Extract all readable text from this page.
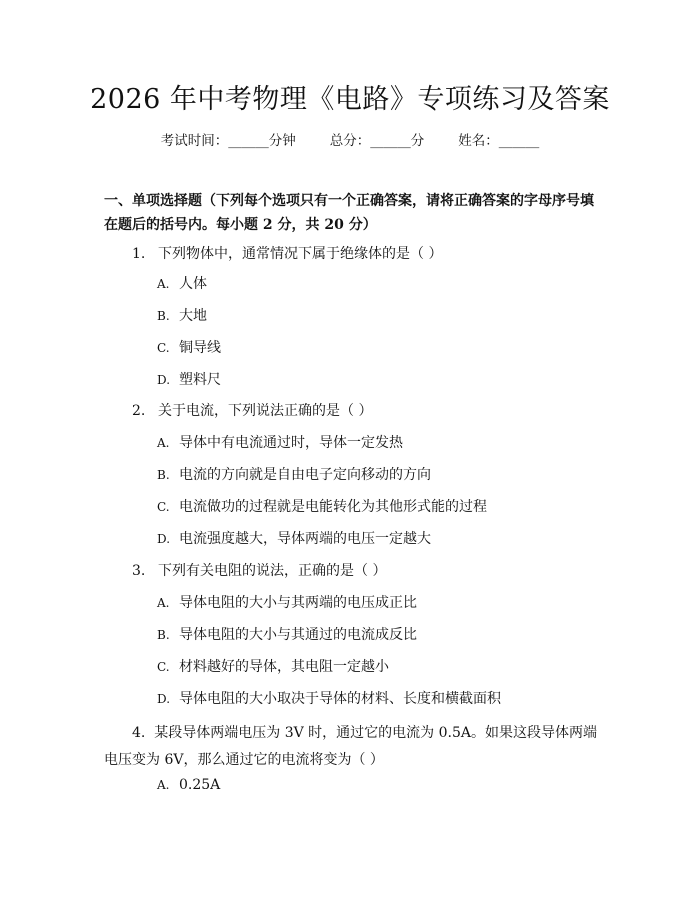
2026 年中考物理《电路》专项练习及答案
考试时间：______分钟	总分：______分	姓名：______
一、单项选择题（下列每个选项只有一个正确答案，请将正确答案的字母序号填在题后的括号内。每小题 2 分，共 20 分）
1. 下列物体中，通常情况下属于绝缘体的是（ ）
A. 人体
B. 大地
C. 铜导线
D. 塑料尺
2. 关于电流，下列说法正确的是（ ）
A. 导体中有电流通过时，导体一定发热
B. 电流的方向就是自由电子定向移动的方向
C. 电流做功的过程就是电能转化为其他形式能的过程
D. 电流强度越大，导体两端的电压一定越大
3. 下列有关电阻的说法，正确的是（ ）
A. 导体电阻的大小与其两端的电压成正比
B. 导体电阻的大小与其通过的电流成反比
C. 材料越好的导体，其电阻一定越小
D. 导体电阻的大小取决于导体的材料、长度和横截面积
4. 某段导体两端电压为 3V 时，通过它的电流为 0.5A。如果这段导体两端电压变为 6V，那么通过它的电流将变为（ ）
A. 0.25A
